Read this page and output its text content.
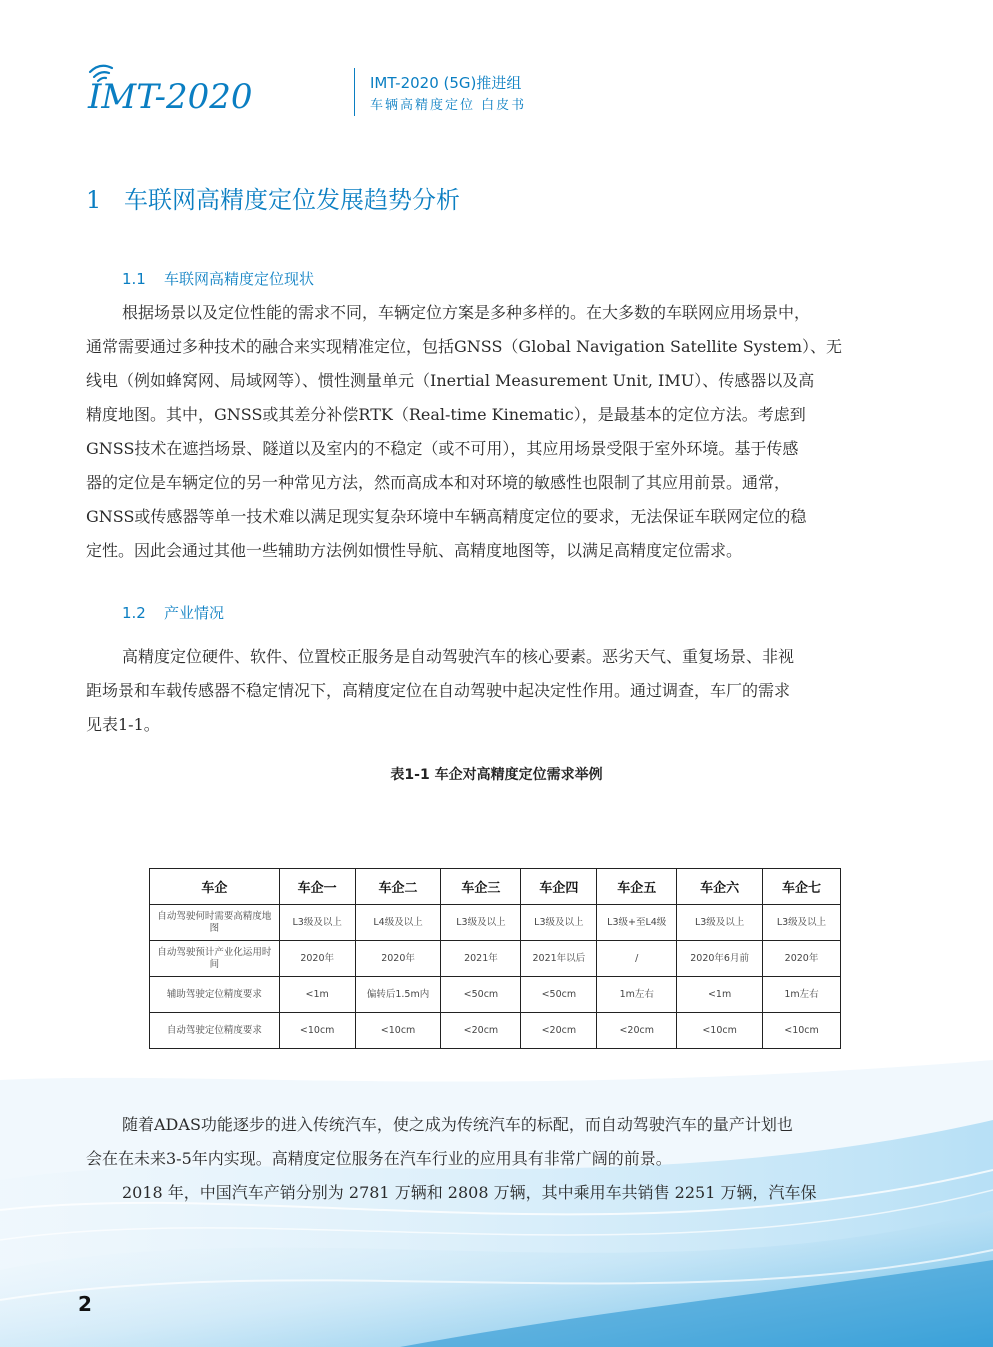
IMT-2020	IMT-2020 (5G)推进组
车辆高精度定位 白皮书
1 车联网高精度定位发展趋势分析
1.1 车联网高精度定位现状
根据场景以及定位性能的需求不同，车辆定位方案是多种多样的。在大多数的车联网应用场景中，
通常需要通过多种技术的融合来实现精准定位，包括GNSS（Global Navigation Satellite System）、无
线电（例如蜂窝网、局域网等）、惯性测量单元（Inertial Measurement Unit, IMU）、传感器以及高
精度地图。其中，GNSS或其差分补偿RTK（Real-time Kinematic），是最基本的定位方法。考虑到
GNSS技术在遮挡场景、隧道以及室内的不稳定（或不可用），其应用场景受限于室外环境。基于传感
器的定位是车辆定位的另一种常见方法，然而高成本和对环境的敏感性也限制了其应用前景。通常，
GNSS或传感器等单一技术难以满足现实复杂环境中车辆高精度定位的要求，无法保证车联网定位的稳
定性。因此会通过其他一些辅助方法例如惯性导航、高精度地图等，以满足高精度定位需求。
1.2 产业情况
高精度定位硬件、软件、位置校正服务是自动驾驶汽车的核心要素。恶劣天气、重复场景、非视
距场景和车载传感器不稳定情况下，高精度定位在自动驾驶中起决定性作用。通过调查，车厂的需求
见表1-1。
表1-1 车企对高精度定位需求举例
车企	车企一	车企二	车企三	车企四	车企五	车企六	车企七
自动驾驶何时需要高精度地图	L3级及以上	L4级及以上	L3级及以上	L3级及以上	L3级+至L4级	L3级及以上	L3级及以上
自动驾驶预计产业化运用时间	2020年	2020年	2021年	2021年以后	/	2020年6月前	2020年
辅助驾驶定位精度要求	<1m	偏转后1.5m内	<50cm	<50cm	1m左右	<1m	1m左右
自动驾驶定位精度要求	<10cm	<10cm	<20cm	<20cm	<20cm	<10cm	<10cm
随着ADAS功能逐步的进入传统汽车，使之成为传统汽车的标配，而自动驾驶汽车的量产计划也
会在在未来3-5年内实现。高精度定位服务在汽车行业的应用具有非常广阔的前景。
2018 年，中国汽车产销分别为 2781 万辆和 2808 万辆，其中乘用车共销售 2251 万辆，汽车保
2
